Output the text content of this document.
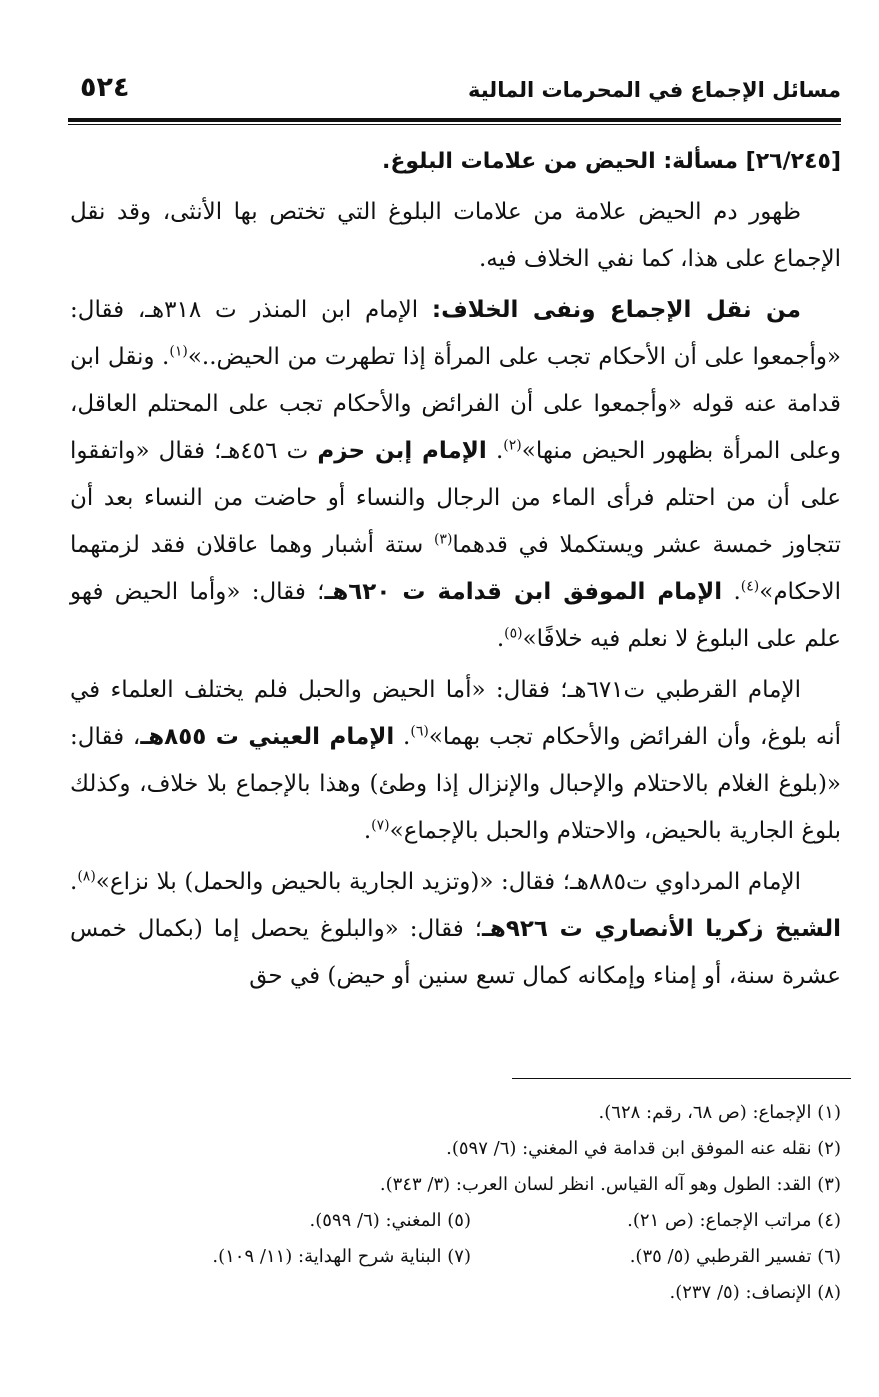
مسائل الإجماع في المحرمات المالية
٥٢٤

[٢٦/٢٤٥] مسألة: الحيض من علامات البلوغ.

ظهور دم الحيض علامة من علامات البلوغ التي تختص بها الأنثى، وقد نقل الإجماع على هذا، كما نفي الخلاف فيه.

من نقل الإجماع ونفى الخلاف: الإمام ابن المنذر ت ٣١٨هـ، فقال: «وأجمعوا على أن الأحكام تجب على المرأة إذا تطهرت من الحيض..»$^{(١)}$. ونقل ابن قدامة عنه قوله «وأجمعوا على أن الفرائض والأحكام تجب على المحتلم العاقل، وعلى المرأة بظهور الحيض منها»$^{(٢)}$. الإمام إبن حزم ت ٤٥٦هـ؛ فقال «واتفقوا على أن من احتلم فرأى الماء من الرجال والنساء أو حاضت من النساء بعد أن تتجاوز خمسة عشر ويستكملا في قدهما$^{(٣)}$ ستة أشبار وهما عاقلان فقد لزمتهما الاحكام»$^{(٤)}$. الإمام الموفق ابن قدامة ت ٦٢٠هـ؛ فقال: «وأما الحيض فهو علم على البلوغ لا نعلم فيه خلافًا»$^{(٥)}$.

الإمام القرطبي ت٦٧١هـ؛ فقال: «أما الحيض والحبل فلم يختلف العلماء في أنه بلوغ، وأن الفرائض والأحكام تجب بهما»$^{(٦)}$. الإمام العيني ت ٨٥٥هـ، فقال: «(بلوغ الغلام بالاحتلام والإحبال والإنزال إذا وطئ) وهذا بالإجماع بلا خلاف، وكذلك بلوغ الجارية بالحيض، والاحتلام والحبل بالإجماع»$^{(٧)}$.

الإمام المرداوي ت٨٨٥هـ؛ فقال: «(وتزيد الجارية بالحيض والحمل) بلا نزاع»$^{(٨)}$. الشيخ زكريا الأنصاري ت ٩٢٦هـ؛ فقال: «والبلوغ يحصل إما (بكمال خمس عشرة سنة، أو إمناء وإمكانه كمال تسع سنين أو حيض) في حق

(١) الإجماع: (ص ٦٨، رقم: ٦٢٨).
(٢) نقله عنه الموفق ابن قدامة في المغني: (٦/ ٥٩٧).
(٣) القد: الطول وهو آله القياس. انظر لسان العرب: (٣/ ٣٤٣).
(٤) مراتب الإجماع: (ص ٢١).
(٥) المغني: (٦/ ٥٩٩).
(٦) تفسير القرطبي (٥/ ٣٥).
(٧) البناية شرح الهداية: (١١/ ١٠٩).
(٨) الإنصاف: (٥/ ٢٣٧).
